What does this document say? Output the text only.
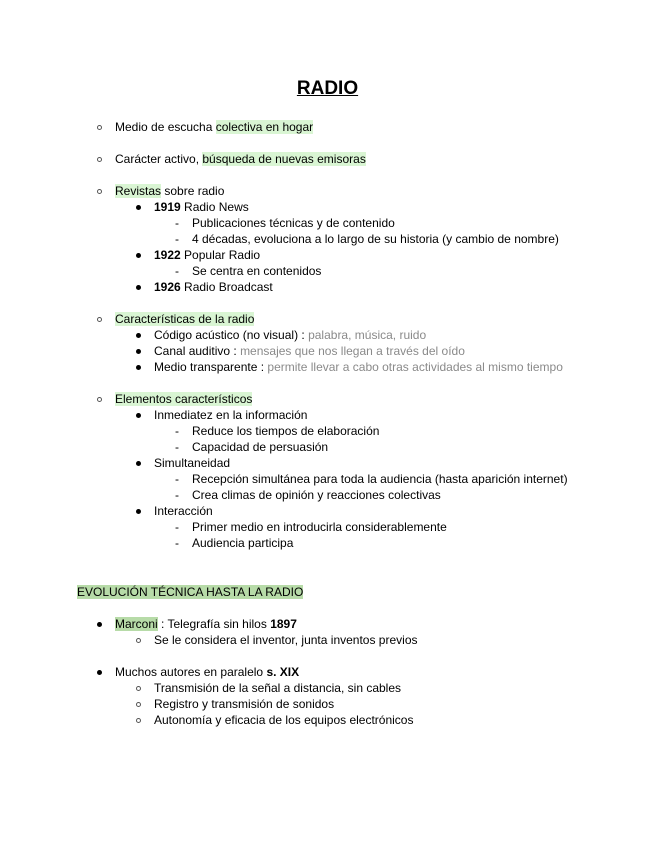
RADIO
Medio de escucha colectiva en hogar
Carácter activo, búsqueda de nuevas emisoras
Revistas sobre radio
1919 Radio News
- Publicaciones técnicas y de contenido
- 4 décadas, evoluciona a lo largo de su historia (y cambio de nombre)
1922 Popular Radio
- Se centra en contenidos
1926 Radio Broadcast
Características de la radio
Código acústico (no visual) : palabra, música, ruido
Canal auditivo : mensajes que nos llegan a través del oído
Medio transparente : permite llevar a cabo otras actividades al mismo tiempo
Elementos característicos
Inmediatez en la información
- Reduce los tiempos de elaboración
- Capacidad de persuasión
Simultaneidad
- Recepción simultánea para toda la audiencia (hasta aparición internet)
- Crea climas de opinión y reacciones colectivas
Interacción
- Primer medio en introducirla considerablemente
- Audiencia participa
EVOLUCIÓN TÉCNICA HASTA LA RADIO
Marconi : Telegrafía sin hilos 1897
Se le considera el inventor, junta inventos previos
Muchos autores en paralelo s. XIX
Transmisión de la señal a distancia, sin cables
Registro y transmisión de sonidos
Autonomía y eficacia de los equipos electrónicos
